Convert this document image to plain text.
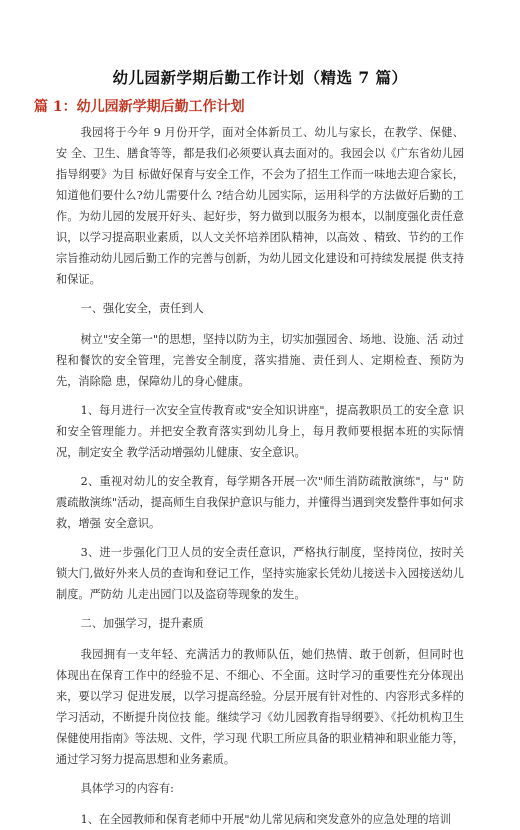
幼儿园新学期后勤工作计划（精选 7 篇）
篇 1：幼儿园新学期后勤工作计划

我园将于今年 9 月份开学，面对全体新员工、幼儿与家长，在教学、保健、安 全、卫生、膳食等等，都是我们必须要认真去面对的。我园会以《广东省幼儿园指导纲要》为目 标做好保育与安全工作，不会为了招生工作而一味地去迎合家长，知道他们要什么?幼儿需要什么 ?结合幼儿园实际，运用科学的方法做好后勤的工作。为幼儿园的发展开好头、起好步，努力做到以服务为根本，以制度强化责任意识，以学习提高职业素质，以人文关怀培养团队精神，以高效 、精致、节约的工作宗旨推动幼儿园后勤工作的完善与创新，为幼儿园文化建设和可持续发展提 供支持和保证。

一、强化安全，责任到人

树立"安全第一"的思想，坚持以防为主，切实加强园舍、场地、设施、活 动过程和餐饮的安全管理，完善安全制度，落实措施、责任到人、定期检查、预防为先，消除隐 患，保障幼儿的身心健康。

1、每月进行一次安全宣传教育或"安全知识讲座"，提高教职员工的安全意 识和安全管理能力。并把安全教育落实到幼儿身上，每月教师要根据本班的实际情况，制定安全 教学活动增强幼儿健康、安全意识。

2、重视对幼儿的安全教育，每学期各开展一次"师生消防疏散演练"，与" 防震疏散演练"活动，提高师生自我保护意识与能力，并懂得当遇到突发整件事如何求救，增强 安全意识。

3、进一步强化门卫人员的安全责任意识，严格执行制度，坚持岗位，按时关 锁大门,做好外来人员的查询和登记工作，坚持实施家长凭幼儿接送卡入园接送幼儿制度。严防幼 儿走出园门以及盗窃等现象的发生。

二、加强学习，提升素质

我园拥有一支年轻、充满活力的教师队伍，她们热情、敢于创新，但同时也 体现出在保育工作中的经验不足、不细心、不全面。这时学习的重要性充分体现出来，要以学习 促进发展，以学习提高经验。分层开展有针对性的、内容形式多样的学习活动，不断提升岗位技 能。继续学习《幼儿园教育指导纲要》、《托幼机构卫生保健使用指南》等法规、文件，学习现 代职工所应具备的职业精神和职业能力等，通过学习努力提高思想和业务素质。

具体学习的内容有:

1、在全园教师和保育老师中开展"幼儿常见病和突发意外的应急处理的培训
